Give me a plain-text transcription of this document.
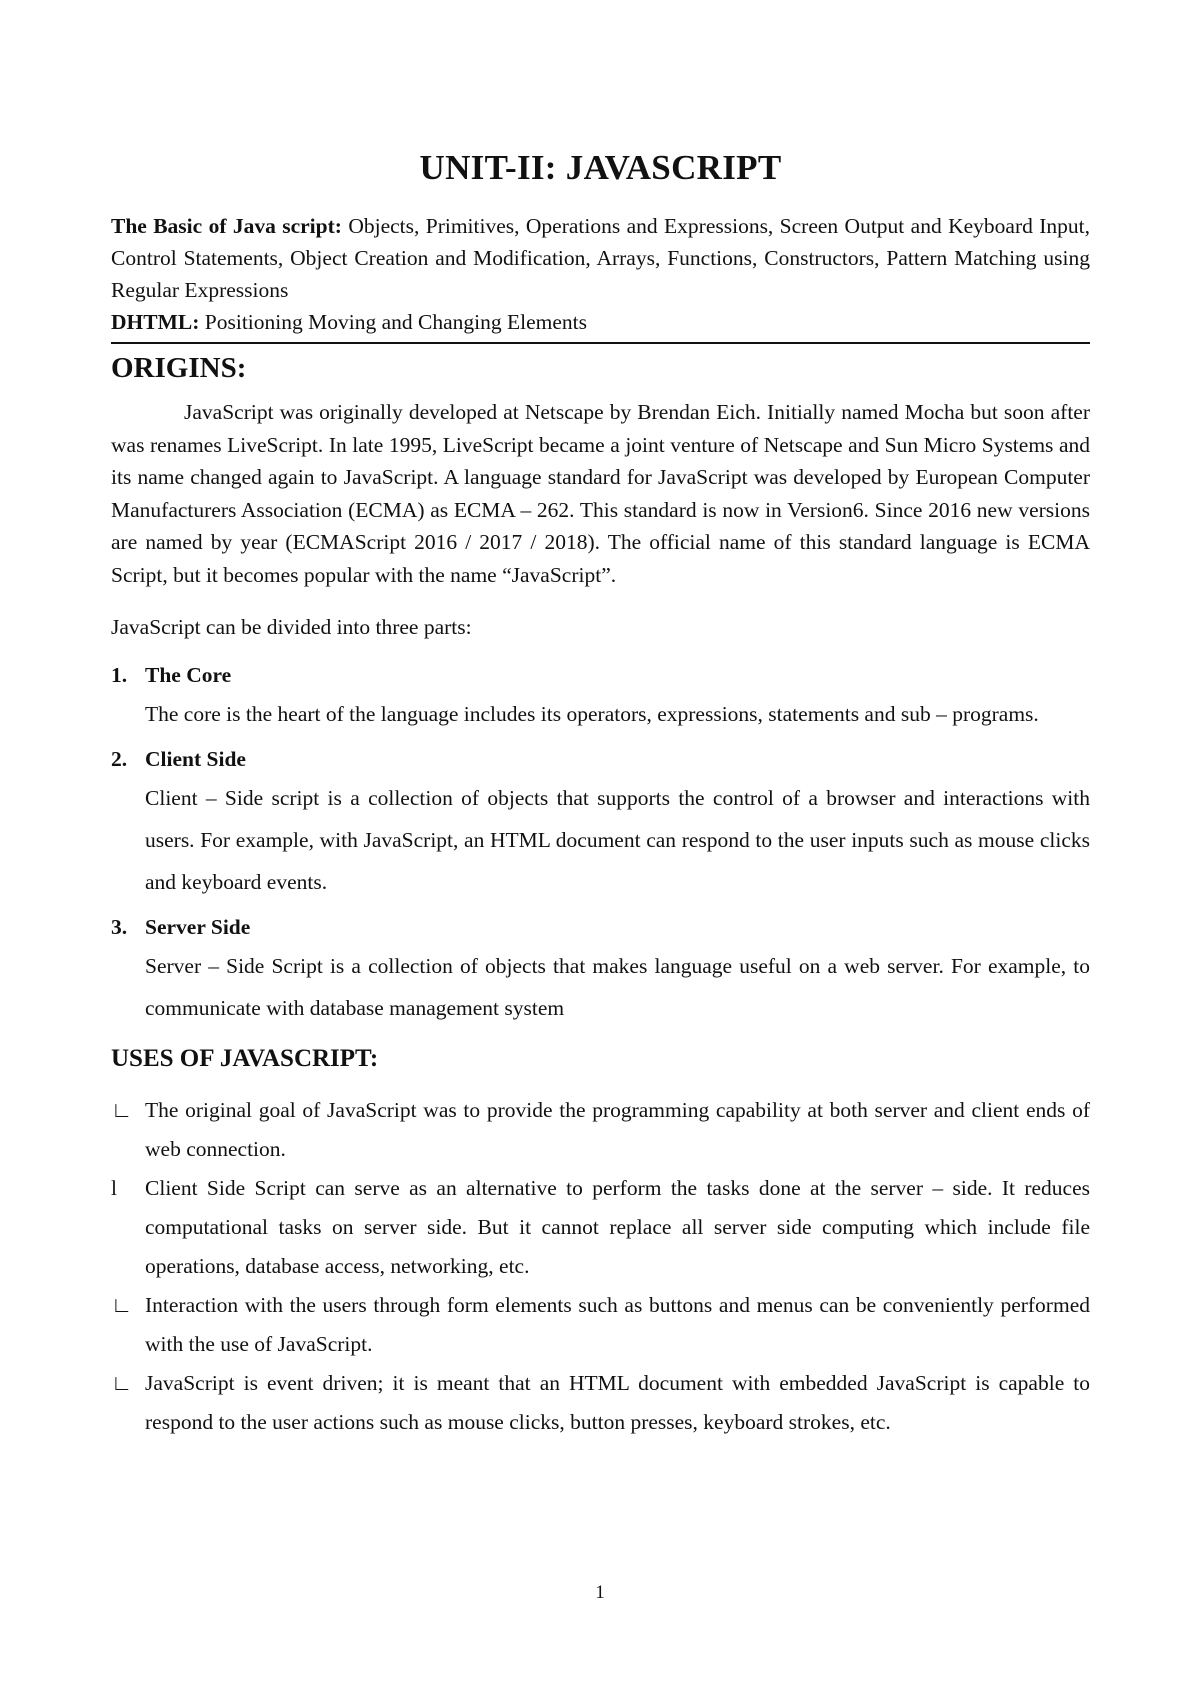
UNIT-II: JAVASCRIPT
The Basic of Java script: Objects, Primitives, Operations and Expressions, Screen Output and Keyboard Input, Control Statements, Object Creation and Modification, Arrays, Functions, Constructors, Pattern Matching using Regular Expressions
DHTML: Positioning Moving and Changing Elements
ORIGINS:

JavaScript was originally developed at Netscape by Brendan Eich. Initially named Mocha but soon after was renames LiveScript. In late 1995, LiveScript became a joint venture of Netscape and Sun Micro Systems and its name changed again to JavaScript. A language standard for JavaScript was developed by European Computer Manufacturers Association (ECMA) as ECMA – 262. This standard is now in Version6. Since 2016 new versions are named by year (ECMAScript 2016 / 2017 / 2018). The official name of this standard language is ECMA Script, but it becomes popular with the name “JavaScript”.

JavaScript can be divided into three parts:

1. The Core
The core is the heart of the language includes its operators, expressions, statements and sub – programs.
2. Client Side
Client – Side script is a collection of objects that supports the control of a browser and interactions with users. For example, with JavaScript, an HTML document can respond to the user inputs such as mouse clicks and keyboard events.
3. Server Side
Server – Side Script is a collection of objects that makes language useful on a web server. For example, to communicate with database management system
USES OF JAVASCRIPT:
∟ The original goal of JavaScript was to provide the programming capability at both server and client ends of web connection.
l Client Side Script can serve as an alternative to perform the tasks done at the server – side. It reduces computational tasks on server side. But it cannot replace all server side computing which include file operations, database access, networking, etc.
∟ Interaction with the users through form elements such as buttons and menus can be conveniently performed with the use of JavaScript.
∟ JavaScript is event driven; it is meant that an HTML document with embedded JavaScript is capable to respond to the user actions such as mouse clicks, button presses, keyboard strokes, etc.
1
